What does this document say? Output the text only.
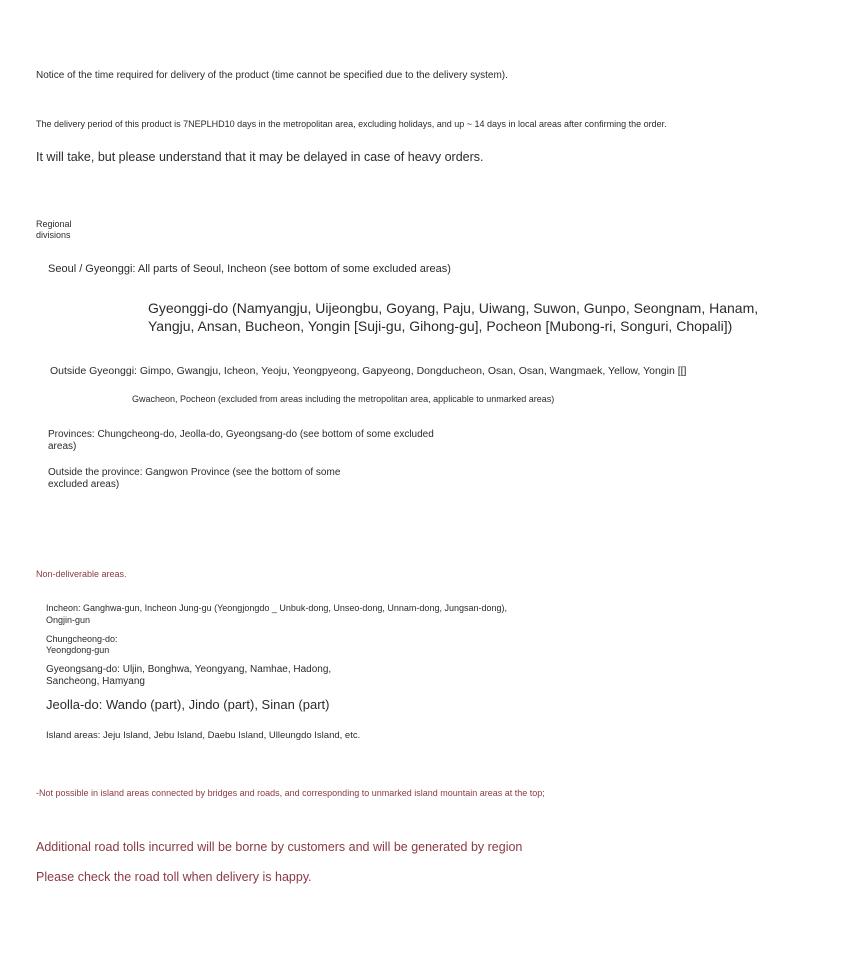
Notice of the time required for delivery of the product (time cannot be specified due to the delivery system).

The delivery period of this product is 7NEPLHD10 days in the metropolitan area, excluding holidays, and up ~ 14 days in local areas after confirming the order.

It will take, but please understand that it may be delayed in case of heavy orders.

Regional divisions

Seoul / Gyeonggi: All parts of Seoul, Incheon (see bottom of some excluded areas)

Gyeonggi-do (Namyangju, Uijeongbu, Goyang, Paju, Uiwang, Suwon, Gunpo, Seongnam, Hanam, Yangju, Ansan, Bucheon, Yongin [Suji-gu, Gihong-gu], Pocheon [Mubong-ri, Songuri, Chopali])

Outside Gyeonggi: Gimpo, Gwangju, Icheon, Yeoju, Yeongpyeong, Gapyeong, Dongducheon, Osan, Osan, Wangmaek, Yellow, Yongin [[]

Gwacheon, Pocheon (excluded from areas including the metropolitan area, applicable to unmarked areas)

Provinces: Chungcheong-do, Jeolla-do, Gyeongsang-do (see bottom of some excluded areas)

Outside the province: Gangwon Province (see the bottom of some excluded areas)

Non-deliverable areas.

Incheon: Ganghwa-gun, Incheon Jung-gu (Yeongjongdo _ Unbuk-dong, Unseo-dong, Unnam-dong, Jungsan-dong), Ongjin-gun

Chungcheong-do: Yeongdong-gun

Gyeongsang-do: Uljin, Bonghwa, Yeongyang, Namhae, Hadong, Sancheong, Hamyang

Jeolla-do: Wando (part), Jindo (part), Sinan (part)

Island areas: Jeju Island, Jebu Island, Daebu Island, Ulleungdo Island, etc.

-Not possible in island areas connected by bridges and roads, and corresponding to unmarked island mountain areas at the top;

Additional road tolls incurred will be borne by customers and will be generated by region

Please check the road toll when delivery is happy.
